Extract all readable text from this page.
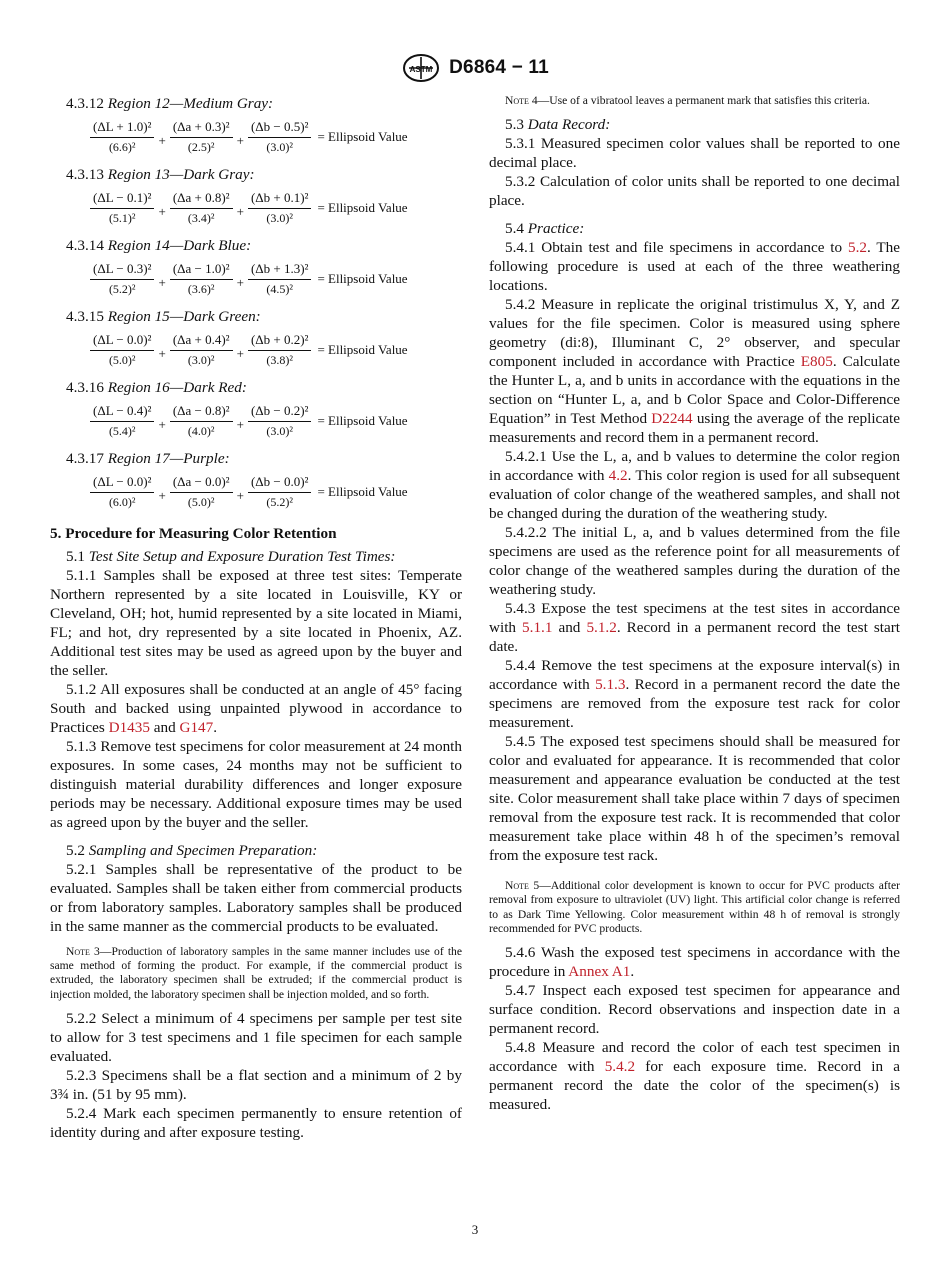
ASTM D6864 − 11

4.3.12 Region 12—Medium Gray:

$\frac{\text{(ΔL + 1.0)²}}{\text{(6.6)²}} + \frac{\text{(Δa + 0.3)²}}{\text{(2.5)²}} + \frac{\text{(Δb − 0.5)²}}{\text{(3.0)²}}$ = Ellipsoid Value

4.3.13 Region 13—Dark Gray:

$\frac{\text{(ΔL − 0.1)²}}{\text{(5.1)²}} + \frac{\text{(Δa + 0.8)²}}{\text{(3.4)²}} + \frac{\text{(Δb + 0.1)²}}{\text{(3.0)²}}$ = Ellipsoid Value

4.3.14 Region 14—Dark Blue:

$\frac{\text{(ΔL − 0.3)²}}{\text{(5.2)²}} + \frac{\text{(Δa − 1.0)²}}{\text{(3.6)²}} + \frac{\text{(Δb + 1.3)²}}{\text{(4.5)²}}$ = Ellipsoid Value

4.3.15 Region 15—Dark Green:

$\frac{\text{(ΔL − 0.0)²}}{\text{(5.0)²}} + \frac{\text{(Δa + 0.4)²}}{\text{(3.0)²}} + \frac{\text{(Δb + 0.2)²}}{\text{(3.8)²}}$ = Ellipsoid Value

4.3.16 Region 16—Dark Red:

$\frac{\text{(ΔL − 0.4)²}}{\text{(5.4)²}} + \frac{\text{(Δa − 0.8)²}}{\text{(4.0)²}} + \frac{\text{(Δb − 0.2)²}}{\text{(3.0)²}}$ = Ellipsoid Value

4.3.17 Region 17—Purple:

$\frac{\text{(ΔL − 0.0)²}}{\text{(6.0)²}} + \frac{\text{(Δa − 0.0)²}}{\text{(5.0)²}} + \frac{\text{(Δb − 0.0)²}}{\text{(5.2)²}}$ = Ellipsoid Value
5. Procedure for Measuring Color Retention

5.1 Test Site Setup and Exposure Duration Test Times:

5.1.1 Samples shall be exposed at three test sites: Temperate Northern represented by a site located in Louisville, KY or Cleveland, OH; hot, humid represented by a site located in Miami, FL; and hot, dry represented by a site located in Phoenix, AZ. Additional test sites may be used as agreed upon by the buyer and the seller.

5.1.2 All exposures shall be conducted at an angle of 45° facing South and backed using unpainted plywood in accordance to Practices D1435 and G147.

5.1.3 Remove test specimens for color measurement at 24 month exposures. In some cases, 24 months may not be sufficient to distinguish material durability differences and longer exposure periods may be necessary. Additional exposure times may be used as agreed upon by the buyer and the seller.

5.2 Sampling and Specimen Preparation:

5.2.1 Samples shall be representative of the product to be evaluated. Samples shall be taken either from commercial products or from laboratory samples. Laboratory samples shall be produced in the same manner as the commercial products to be evaluated.

Note 3—Production of laboratory samples in the same manner includes use of the same method of forming the product. For example, if the commercial product is extruded, the laboratory specimen shall be extruded; if the commercial product is injection molded, the laboratory specimen shall be injection molded, and so forth.

5.2.2 Select a minimum of 4 specimens per sample per test site to allow for 3 test specimens and 1 file specimen for each sample evaluated.

5.2.3 Specimens shall be a flat section and a minimum of 2 by 3¾ in. (51 by 95 mm).

5.2.4 Mark each specimen permanently to ensure retention of identity during and after exposure testing.

Note 4—Use of a vibratool leaves a permanent mark that satisfies this criteria.

5.3 Data Record:

5.3.1 Measured specimen color values shall be reported to one decimal place.

5.3.2 Calculation of color units shall be reported to one decimal place.

5.4 Practice:

5.4.1 Obtain test and file specimens in accordance to 5.2. The following procedure is used at each of the three weathering locations.

5.4.2 Measure in replicate the original tristimulus X, Y, and Z values for the file specimen. Color is measured using sphere geometry (di:8), Illuminant C, 2° observer, and specular component included in accordance with Practice E805. Calculate the Hunter L, a, and b units in accordance with the equations in the section on “Hunter L, a, and b Color Space and Color-Difference Equation” in Test Method D2244 using the average of the replicate measurements and record them in a permanent record.

5.4.2.1 Use the L, a, and b values to determine the color region in accordance with 4.2. This color region is used for all subsequent evaluation of color change of the weathered samples, and shall not be changed during the duration of the weathering study.

5.4.2.2 The initial L, a, and b values determined from the file specimens are used as the reference point for all measurements of color change of the weathered samples during the duration of the weathering study.

5.4.3 Expose the test specimens at the test sites in accordance with 5.1.1 and 5.1.2. Record in a permanent record the test start date.

5.4.4 Remove the test specimens at the exposure interval(s) in accordance with 5.1.3. Record in a permanent record the date the specimens are removed from the exposure test rack for color measurement.

5.4.5 The exposed test specimens should shall be measured for color and evaluated for appearance. It is recommended that color measurement and appearance evaluation be conducted at the test site. Color measurement shall take place within 7 days of specimen removal from the exposure test rack. It is recommended that color measurement take place within 48 h of the specimen’s removal from the exposure test rack.

Note 5—Additional color development is known to occur for PVC products after removal from exposure to ultraviolet (UV) light. This artificial color change is referred to as Dark Time Yellowing. Color measurement within 48 h of removal is strongly recommended for PVC products.

5.4.6 Wash the exposed test specimens in accordance with the procedure in Annex A1.

5.4.7 Inspect each exposed test specimen for appearance and surface condition. Record observations and inspection date in a permanent record.

5.4.8 Measure and record the color of each test specimen in accordance with 5.4.2 for each exposure time. Record in a permanent record the date the color of the specimen(s) is measured.

3
